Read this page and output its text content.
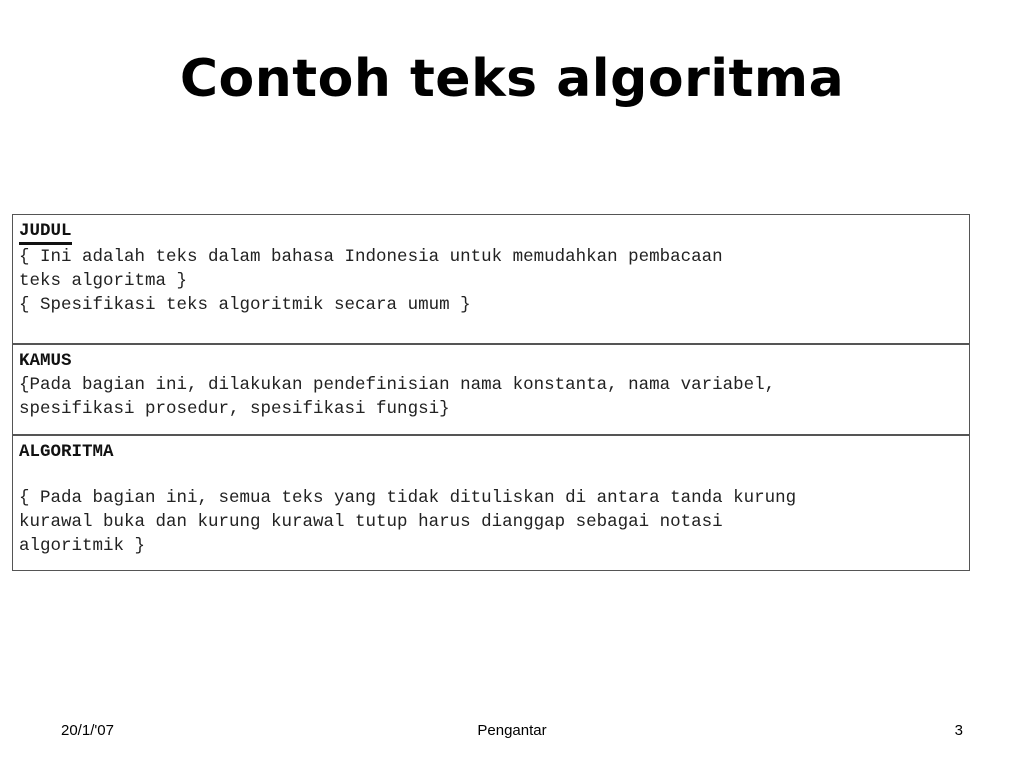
Contoh teks algoritma
JUDUL
{ Ini adalah teks dalam bahasa Indonesia untuk memudahkan pembacaan
teks algoritma }
{ Spesifikasi teks algoritmik secara umum }
KAMUS
{Pada bagian ini, dilakukan pendefinisian nama konstanta, nama variabel,
spesifikasi prosedur, spesifikasi fungsi}
ALGORITMA
{ Pada bagian ini, semua teks yang tidak dituliskan di antara tanda kurung
kurawal buka dan kurung kurawal tutup harus dianggap sebagai notasi
algoritmik }
20/1/'07	Pengantar	3
